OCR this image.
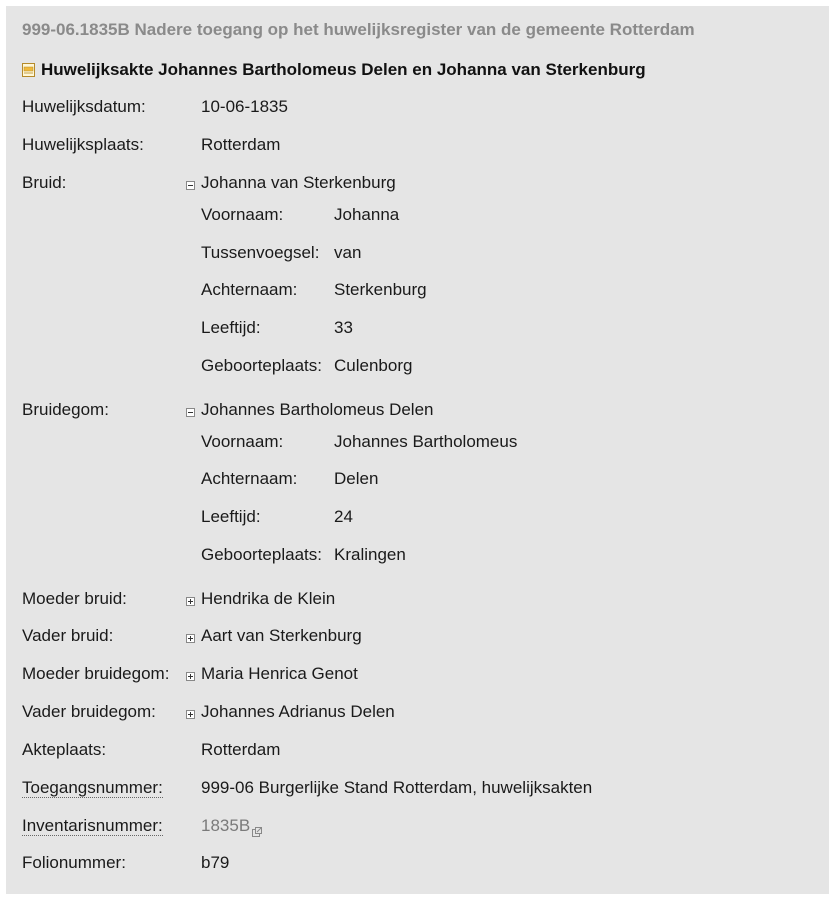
999-06.1835B Nadere toegang op het huwelijksregister van de gemeente Rotterdam
Huwelijksakte Johannes Bartholomeus Delen en Johanna van Sterkenburg
Huwelijksdatum:	10-06-1835
Huwelijksplaats:	Rotterdam
Bruid:	Johanna van Sterkenburg
Voornaam:	Johanna
Tussenvoegsel: van
Achternaam: Sterkenburg
Leeftijd:	33
Geboorteplaats: Culenborg
Bruidegom:	Johannes Bartholomeus Delen
Voornaam:	Johannes Bartholomeus
Achternaam: Delen
Leeftijd:	24
Geboorteplaats: Kralingen
Moeder bruid:	Hendrika de Klein
Vader bruid:	Aart van Sterkenburg
Moeder bruidegom: Maria Henrica Genot
Vader bruidegom:	Johannes Adrianus Delen
Akteplaats:	Rotterdam
Toegangsnummer: 999-06 Burgerlijke Stand Rotterdam, huwelijksakten
Inventarisnummer: 1835B
Folionummer:	b79
